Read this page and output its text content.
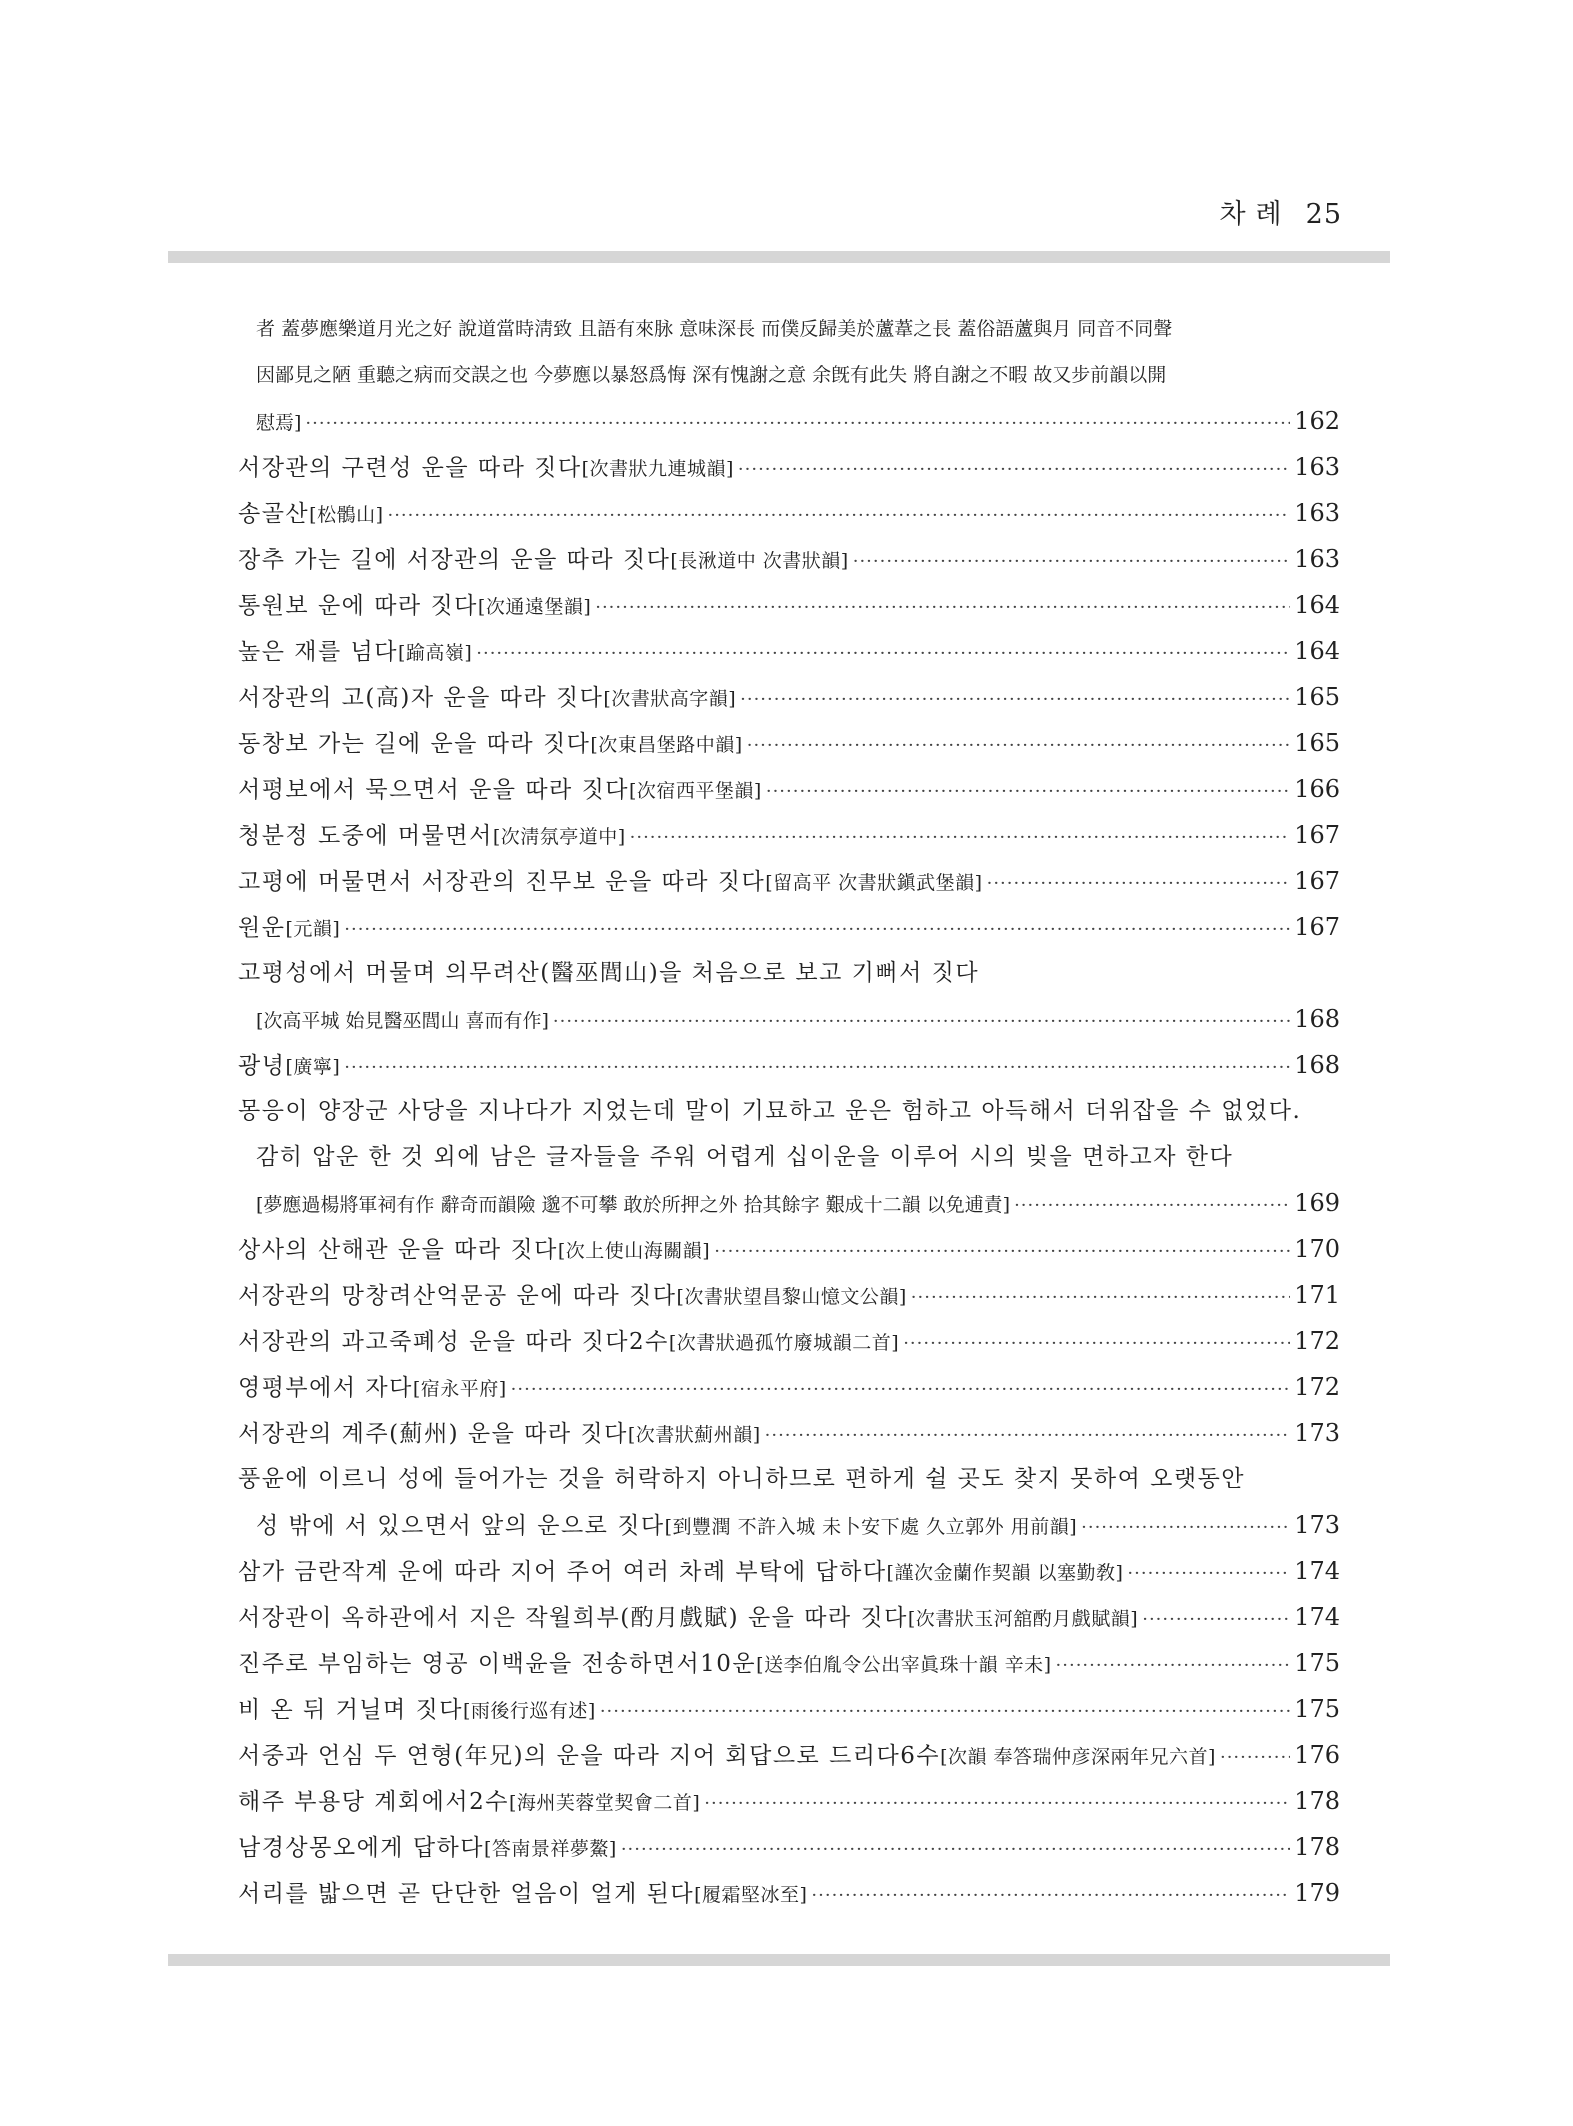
차례 25
者 蓋夢應樂道月光之好 說道當時淸致 且語有來脉 意味深長 而僕反歸美於蘆葦之長 蓋俗語蘆與月 同音不同聲
因鄙見之陋 重聽之病而交誤之也 今夢應以暴怒爲悔 深有愧謝之意 余旣有此失 將自謝之不暇 故又步前韻以開
慰焉] ·····	162
서장관의 구련성 운을 따라 짓다 [次書狀九連城韻] ·····	163
송골산 [松鶻山] ·····	163
장추 가는 길에 서장관의 운을 따라 짓다 [長湫道中 次書狀韻] ·····	163
통원보 운에 따라 짓다 [次通遠堡韻] ·····	164
높은 재를 넘다 [踰高嶺] ·····	164
서장관의 고(高)자 운을 따라 짓다 [次書狀高字韻] ·····	165
동창보 가는 길에 운을 따라 짓다 [次東昌堡路中韻] ·····	165
서평보에서 묵으면서 운을 따라 짓다 [次宿西平堡韻] ·····	166
청분정 도중에 머물면서 [次淸氛亭道中] ·····	167
고평에 머물면서 서장관의 진무보 운을 따라 짓다 [留高平 次書狀鎭武堡韻] ·····	167
원운 [元韻] ·····	167
고평성에서 머물며 의무려산(醫巫閭山)을 처음으로 보고 기뻐서 짓다
[次高平城 始見醫巫閭山 喜而有作] ·····	168
광녕 [廣寧] ·····	168
몽응이 양장군 사당을 지나다가 지었는데 말이 기묘하고 운은 험하고 아득해서 더위잡을 수 없었다.
감히 압운 한 것 외에 남은 글자들을 주워 어렵게 십이운을 이루어 시의 빚을 면하고자 한다
[夢應過楊將軍祠有作 辭奇而韻險 邈不可攀 敢於所押之外 拾其餘字 艱成十二韻 以免逋責] ·····	169
상사의 산해관 운을 따라 짓다 [次上使山海關韻] ·····	170
서장관의 망창려산억문공 운에 따라 짓다 [次書狀望昌黎山憶文公韻] ·····	171
서장관의 과고죽폐성 운을 따라 짓다2수 [次書狀過孤竹廢城韻二首] ·····	172
영평부에서 자다 [宿永平府] ·····	172
서장관의 계주(薊州) 운을 따라 짓다 [次書狀薊州韻] ·····	173
풍윤에 이르니 성에 들어가는 것을 허락하지 아니하므로 편하게 쉴 곳도 찾지 못하여 오랫동안
성 밖에 서 있으면서 앞의 운으로 짓다 [到豐潤 不許入城 未卜安下處 久立郭外 用前韻] ·····	173
삼가 금란작계 운에 따라 지어 주어 여러 차례 부탁에 답하다 [謹次金蘭作契韻 以塞勤敎] ·····	174
서장관이 옥하관에서 지은 작월희부(酌月戲賦) 운을 따라 짓다 [次書狀玉河舘酌月戲賦韻] ·····	174
진주로 부임하는 영공 이백윤을 전송하면서10운 [送李伯胤令公出宰眞珠十韻 辛未] ·····	175
비 온 뒤 거닐며 짓다 [雨後行巡有述] ·····	175
서중과 언심 두 연형(年兄)의 운을 따라 지어 회답으로 드리다6수 [次韻 奉答瑞仲彦深兩年兄六首] ·····	176
해주 부용당 계회에서2수 [海州芙蓉堂契會二首] ·····	178
남경상몽오에게 답하다 [答南景祥夢鰲] ·····	178
서리를 밟으면 곧 단단한 얼음이 얼게 된다 [履霜堅冰至] ·····	179
